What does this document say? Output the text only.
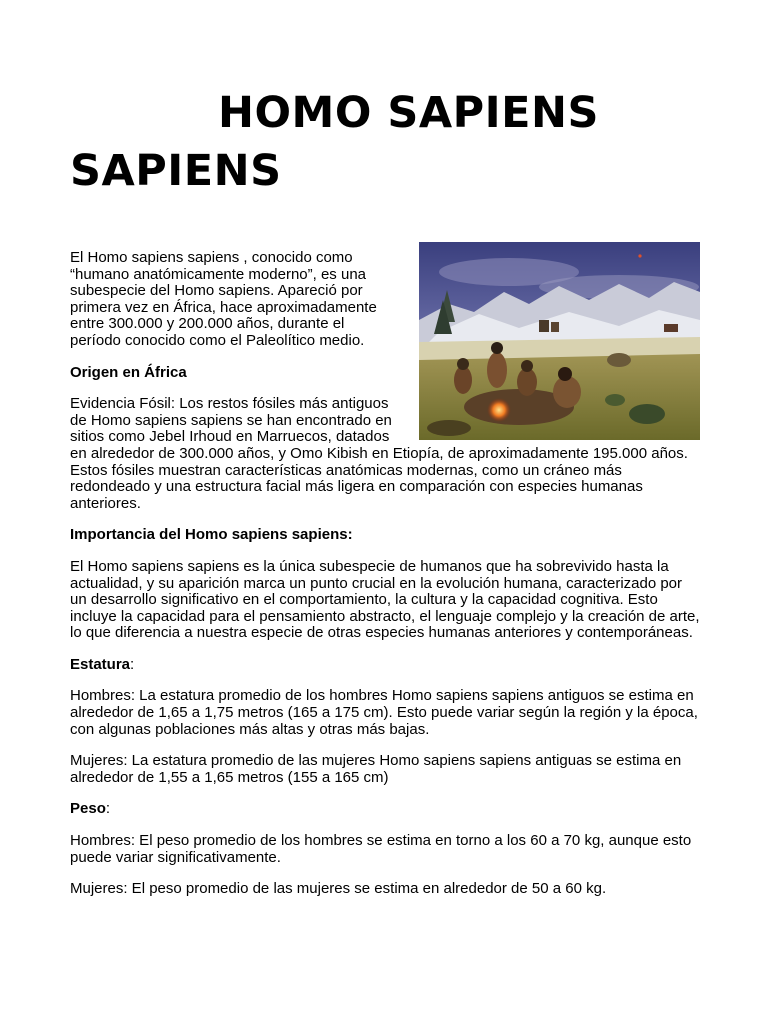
HOMO SAPIENS
SAPIENS

El Homo sapiens sapiens , conocido como “humano anatómicamente moderno”, es una subespecie del Homo sapiens. Apareció por primera vez en África, hace aproximadamente entre 300.000 y 200.000 años, durante el período conocido como el Paleolítico medio.

Origen en África

Evidencia Fósil: Los restos fósiles más antiguos de Homo sapiens sapiens se han encontrado en sitios como Jebel Irhoud en Marruecos, datados en alrededor de 300.000 años, y Omo Kibish en Etiopía, de aproximadamente 195.000 años. Estos fósiles muestran características anatómicas modernas, como un cráneo más redondeado y una estructura facial más ligera en comparación con especies humanas anteriores.

Importancia del Homo sapiens sapiens:

El Homo sapiens sapiens es la única subespecie de humanos que ha sobrevivido hasta la actualidad, y su aparición marca un punto crucial en la evolución humana, caracterizado por un desarrollo significativo en el comportamiento, la cultura y la capacidad cognitiva. Esto incluye la capacidad para el pensamiento abstracto, el lenguaje complejo y la creación de arte, lo que diferencia a nuestra especie de otras especies humanas anteriores y contemporáneas.

Estatura:

Hombres: La estatura promedio de los hombres Homo sapiens sapiens antiguos se estima en alrededor de 1,65 a 1,75 metros (165 a 175 cm). Esto puede variar según la región y la época, con algunas poblaciones más altas y otras más bajas.

Mujeres: La estatura promedio de las mujeres Homo sapiens sapiens antiguas se estima en alrededor de 1,55 a 1,65 metros (155 a 165 cm)

Peso:

Hombres: El peso promedio de los hombres se estima en torno a los 60 a 70 kg, aunque esto puede variar significativamente.

Mujeres: El peso promedio de las mujeres se estima en alrededor de 50 a 60 kg.
